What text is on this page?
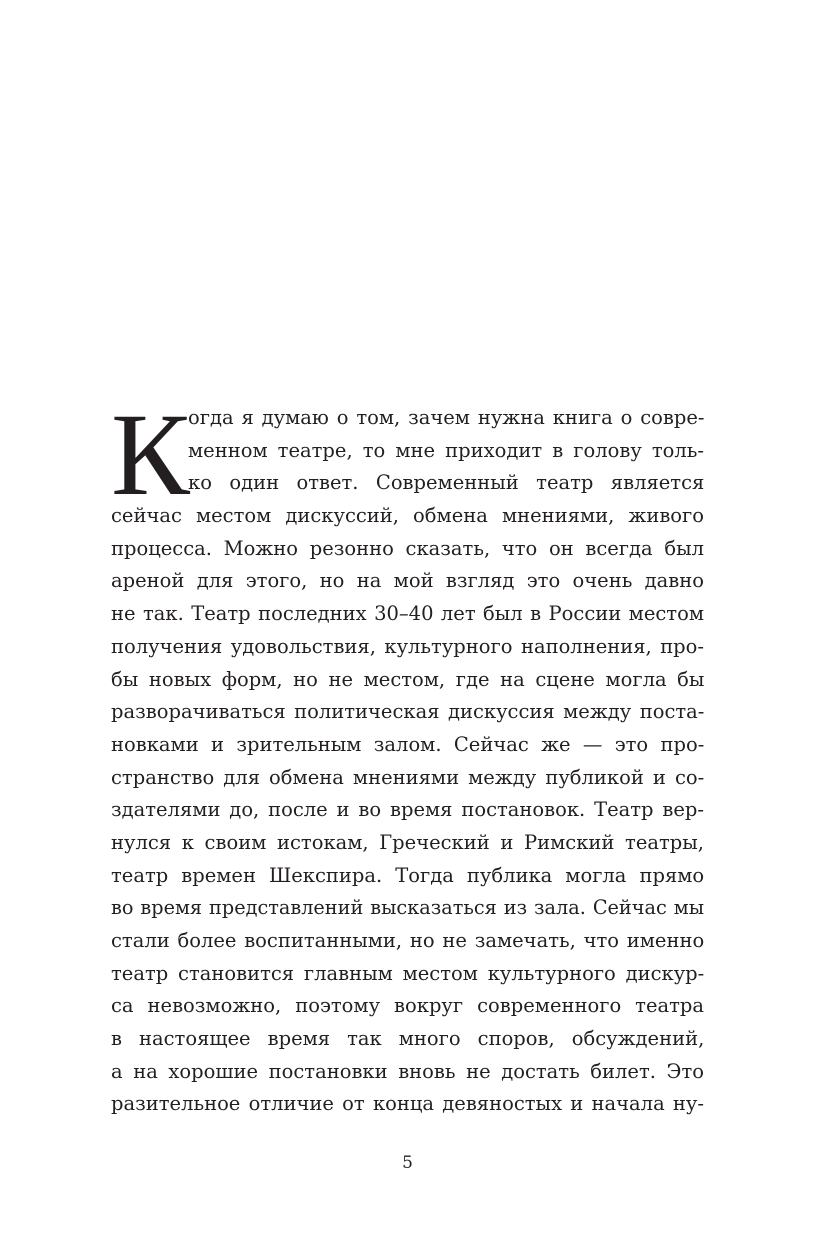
К
огда я думаю о том, зачем нужна книга о совре-
менном театре, то мне приходит в голову толь-
ко один ответ. Современный театр является
сейчас местом дискуссий, обмена мнениями, живого
процесса. Можно резонно сказать, что он всегда был
ареной для этого, но на мой взгляд это очень давно
не так. Театр последних 30–40 лет был в России местом
получения удовольствия, культурного наполнения, про-
бы новых форм, но не местом, где на сцене могла бы
разворачиваться политическая дискуссия между поста-
новками и зрительным залом. Сейчас же — это про-
странство для обмена мнениями между публикой и со-
здателями до, после и во время постановок. Театр вер-
нулся к своим истокам, Греческий и Римский театры,
театр времен Шекспира. Тогда публика могла прямо
во время представлений высказаться из зала. Сейчас мы
стали более воспитанными, но не замечать, что именно
театр становится главным местом культурного дискур-
са невозможно, поэтому вокруг современного театра
в настоящее время так много споров, обсуждений,
а на хорошие постановки вновь не достать билет. Это
разительное отличие от конца девяностых и начала ну-
5
